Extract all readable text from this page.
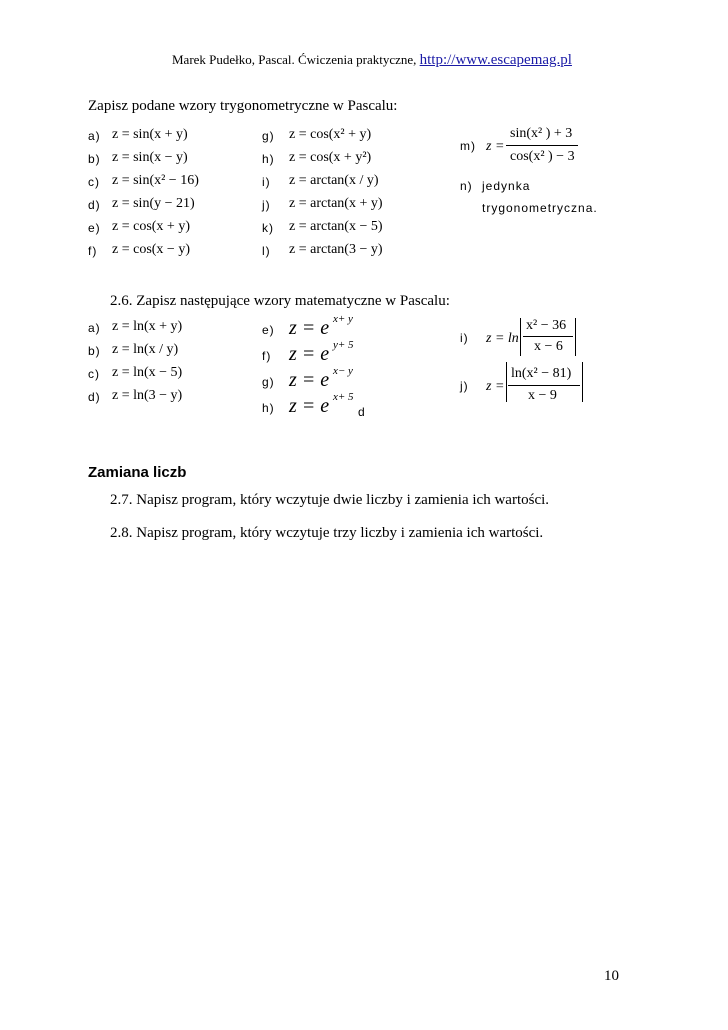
Marek Pudełko, Pascal. Ćwiczenia praktyczne, http://www.escapemag.pl
Zapisz podane wzory trygonometryczne w Pascalu:
a) z = sin(x + y)
b) z = sin(x − y)
c) z = sin(x² − 16)
d) z = sin(y − 21)
e) z = cos(x + y)
f) z = cos(x − y)
g) z = cos(x² + y)
h) z = cos(x + y²)
i) z = arctan(x / y)
j) z = arctan(x + y)
k) z = arctan(x − 5)
l) z = arctan(3 − y)
m) z =
sin(x² ) + 3
cos(x² ) − 3
n) jedynka
trygonometryczna.
2.6. Zapisz następujące wzory matematyczne w Pascalu:
a) z = ln(x + y)
b) z = ln(x / y)
c) z = ln(x − 5)
d) z = ln(3 − y)
e) z = e x+ y
f) z = e y+ 5
g) z = e x− y
h) z = e x+ 5
d
i) z = ln
x² − 36
x − 6
j) z =
ln(x² − 81)
x − 9
Zamiana liczb
2.7. Napisz program, który wczytuje dwie liczby i zamienia ich wartości.
2.8. Napisz program, który wczytuje trzy liczby i zamienia ich wartości.
10
